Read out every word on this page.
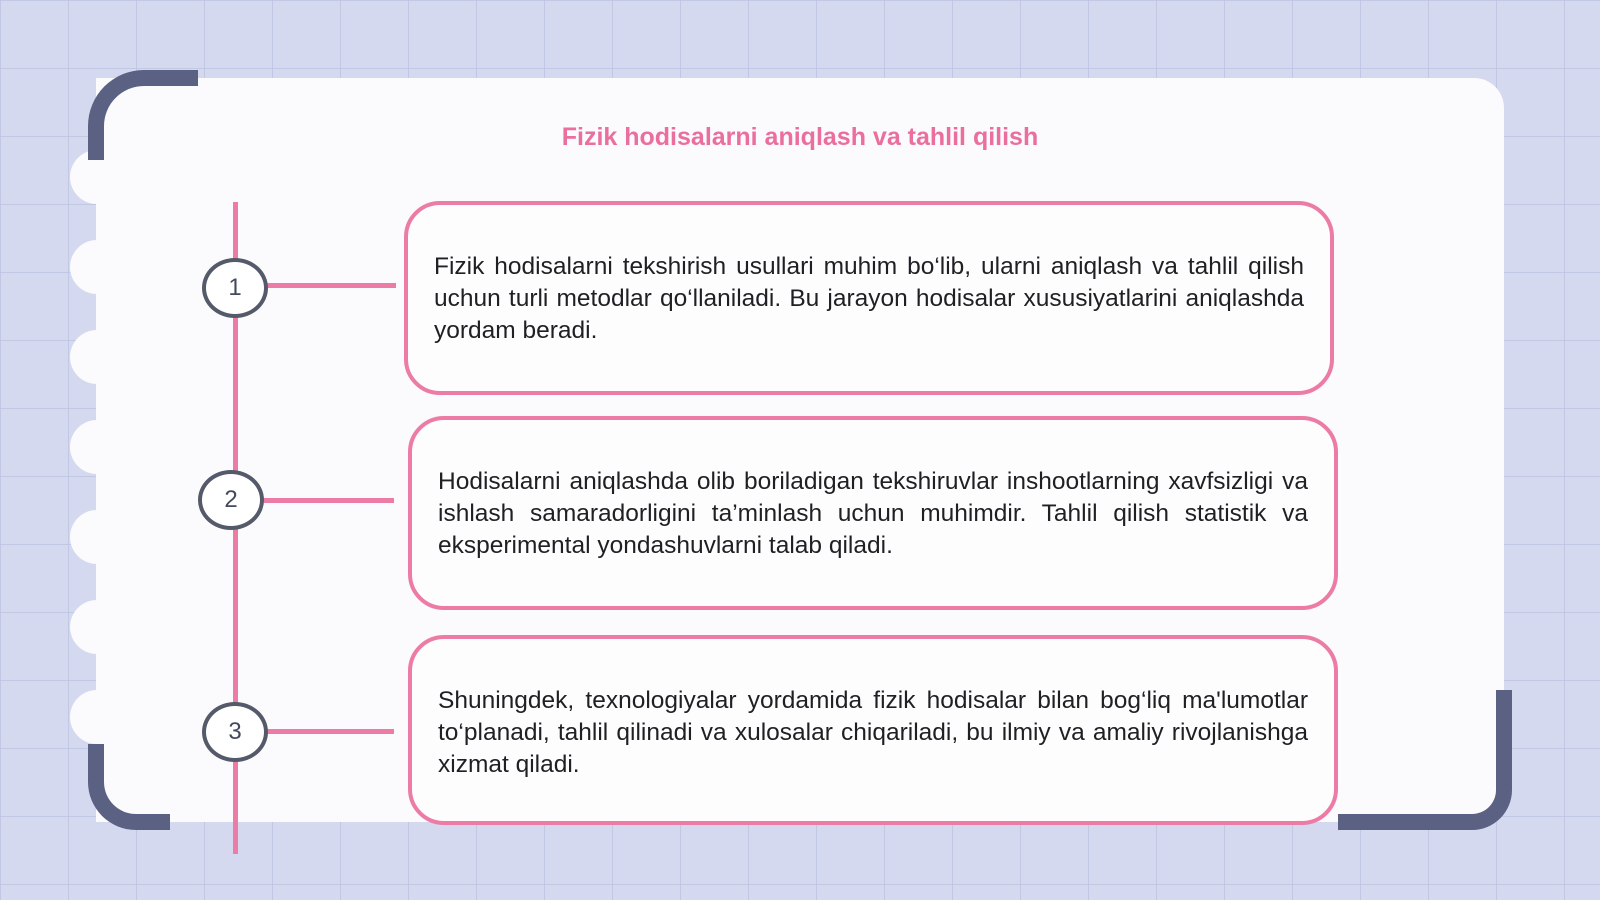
Fizik hodisalarni aniqlash va tahlil qilish
1

Fizik hodisalarni tekshirish usullari muhim bo‘lib, ularni aniqlash va tahlil qilish uchun turli metodlar qo‘llaniladi. Bu jarayon hodisalar xususiyatlarini aniqlashda yordam beradi.

2

Hodisalarni aniqlashda olib boriladigan tekshiruvlar inshootlarning xavfsizligi va ishlash samaradorligini ta’minlash uchun muhimdir. Tahlil qilish statistik va eksperimental yondashuvlarni talab qiladi.

3

Shuningdek, texnologiyalar yordamida fizik hodisalar bilan bog‘liq ma'lumotlar to‘planadi, tahlil qilinadi va xulosalar chiqariladi, bu ilmiy va amaliy rivojlanishga xizmat qiladi.
